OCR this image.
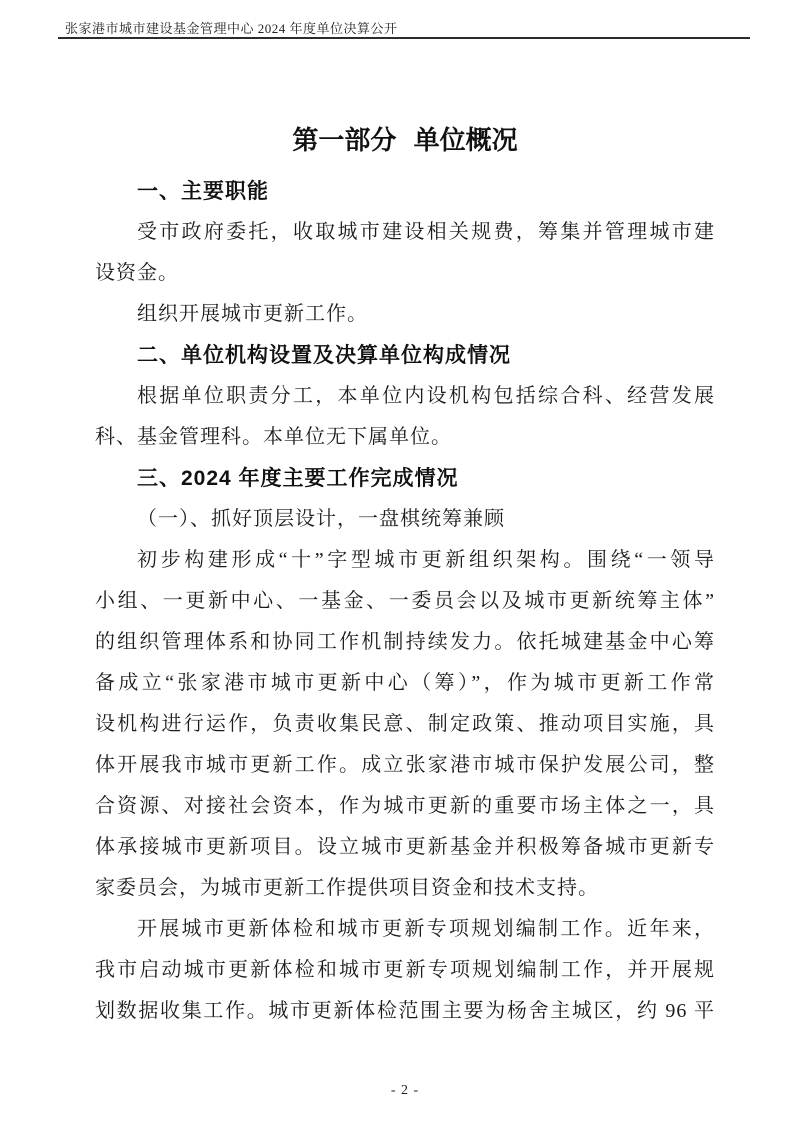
张家港市城市建设基金管理中心 2024 年度单位决算公开
第一部分 单位概况
一、主要职能
受市政府委托，收取城市建设相关规费，筹集并管理城市建
设资金。
组织开展城市更新工作。
二、单位机构设置及决算单位构成情况
根据单位职责分工，本单位内设机构包括综合科、经营发展
科、基金管理科。本单位无下属单位。
三、2024 年度主要工作完成情况
（一）、抓好顶层设计，一盘棋统筹兼顾
初步构建形成“十”字型城市更新组织架构。围绕“一领导
小组、一更新中心、一基金、一委员会以及城市更新统筹主体”
的组织管理体系和协同工作机制持续发力。依托城建基金中心筹
备成立“张家港市城市更新中心（筹）”，作为城市更新工作常
设机构进行运作，负责收集民意、制定政策、推动项目实施，具
体开展我市城市更新工作。成立张家港市城市保护发展公司，整
合资源、对接社会资本，作为城市更新的重要市场主体之一，具
体承接城市更新项目。设立城市更新基金并积极筹备城市更新专
家委员会，为城市更新工作提供项目资金和技术支持。
开展城市更新体检和城市更新专项规划编制工作。近年来，
我市启动城市更新体检和城市更新专项规划编制工作，并开展规
划数据收集工作。城市更新体检范围主要为杨舍主城区，约 96 平
- 2 -
